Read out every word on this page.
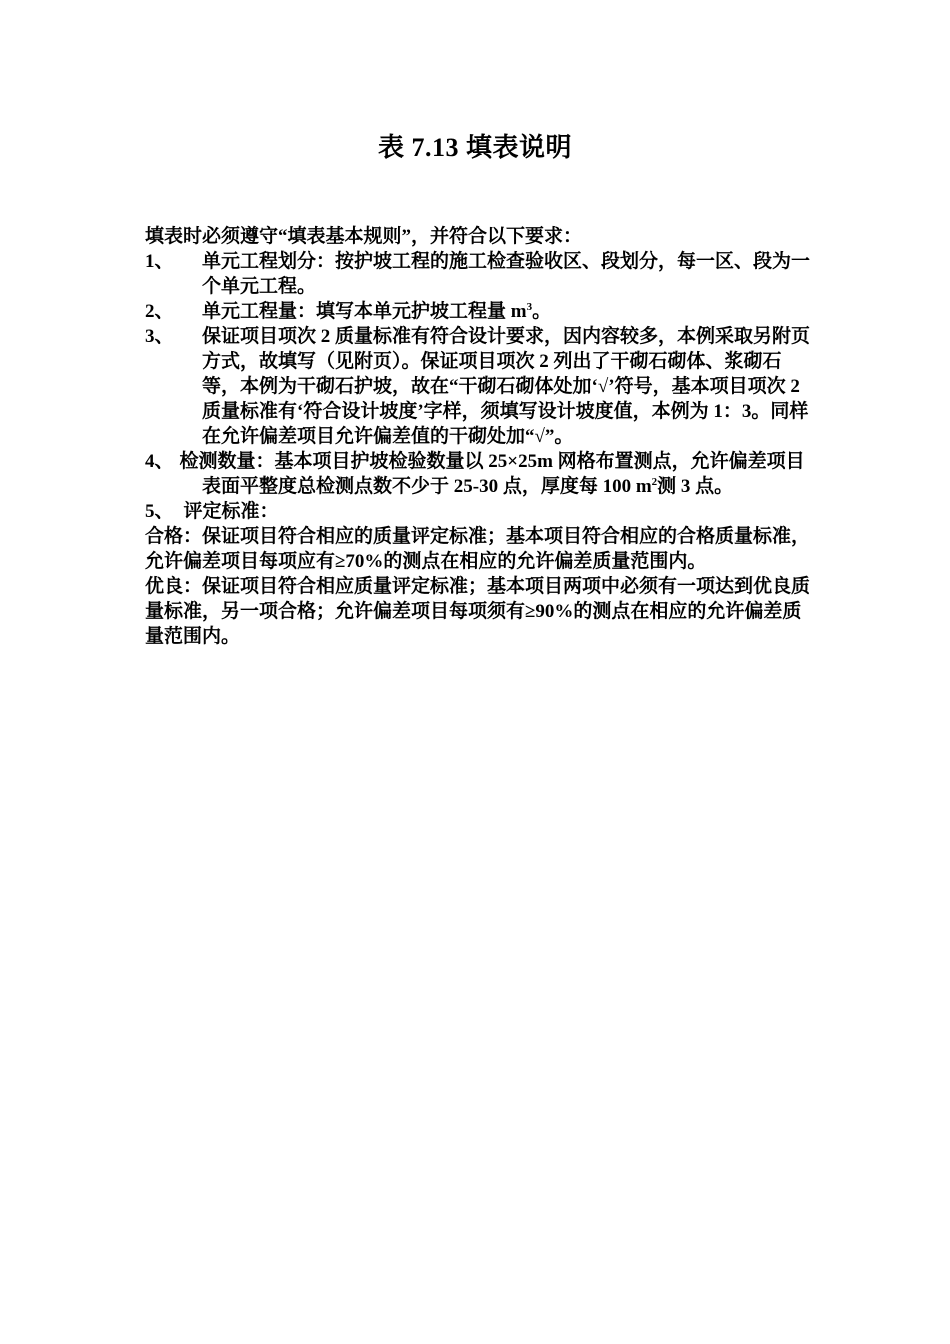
表 7.13 填表说明

填表时必须遵守“填表基本规则”，并符合以下要求：

1、 单元工程划分：按护坡工程的施工检查验收区、段划分，每一区、段为一个单元工程。
2、 单元工程量：填写本单元护坡工程量 $m^3$。
3、 保证项目项次 2 质量标准有符合设计要求，因内容较多，本例采取另附页方式，故填写（见附页）。保证项目项次 2 列出了干砌石砌体、浆砌石等，本例为干砌石护坡，故在“干砌石砌体处加‘√’符号，基本项目项次 2 质量标准有‘符合设计坡度’字样，须填写设计坡度值，本例为 1：3。同样在允许偏差项目允许偏差值的干砌处加“√”。
4、 检测数量：基本项目护坡检验数量以 25×25m 网格布置测点，允许偏差项目表面平整度总检测点数不少于 25-30 点，厚度每 100 $m^2$测 3 点。
5、 评定标准：

合格：保证项目符合相应的质量评定标准；基本项目符合相应的合格质量标准，允许偏差项目每项应有≥70%的测点在相应的允许偏差质量范围内。

优良：保证项目符合相应质量评定标准；基本项目两项中必须有一项达到优良质量标准，另一项合格；允许偏差项目每项须有≥90%的测点在相应的允许偏差质量范围内。
